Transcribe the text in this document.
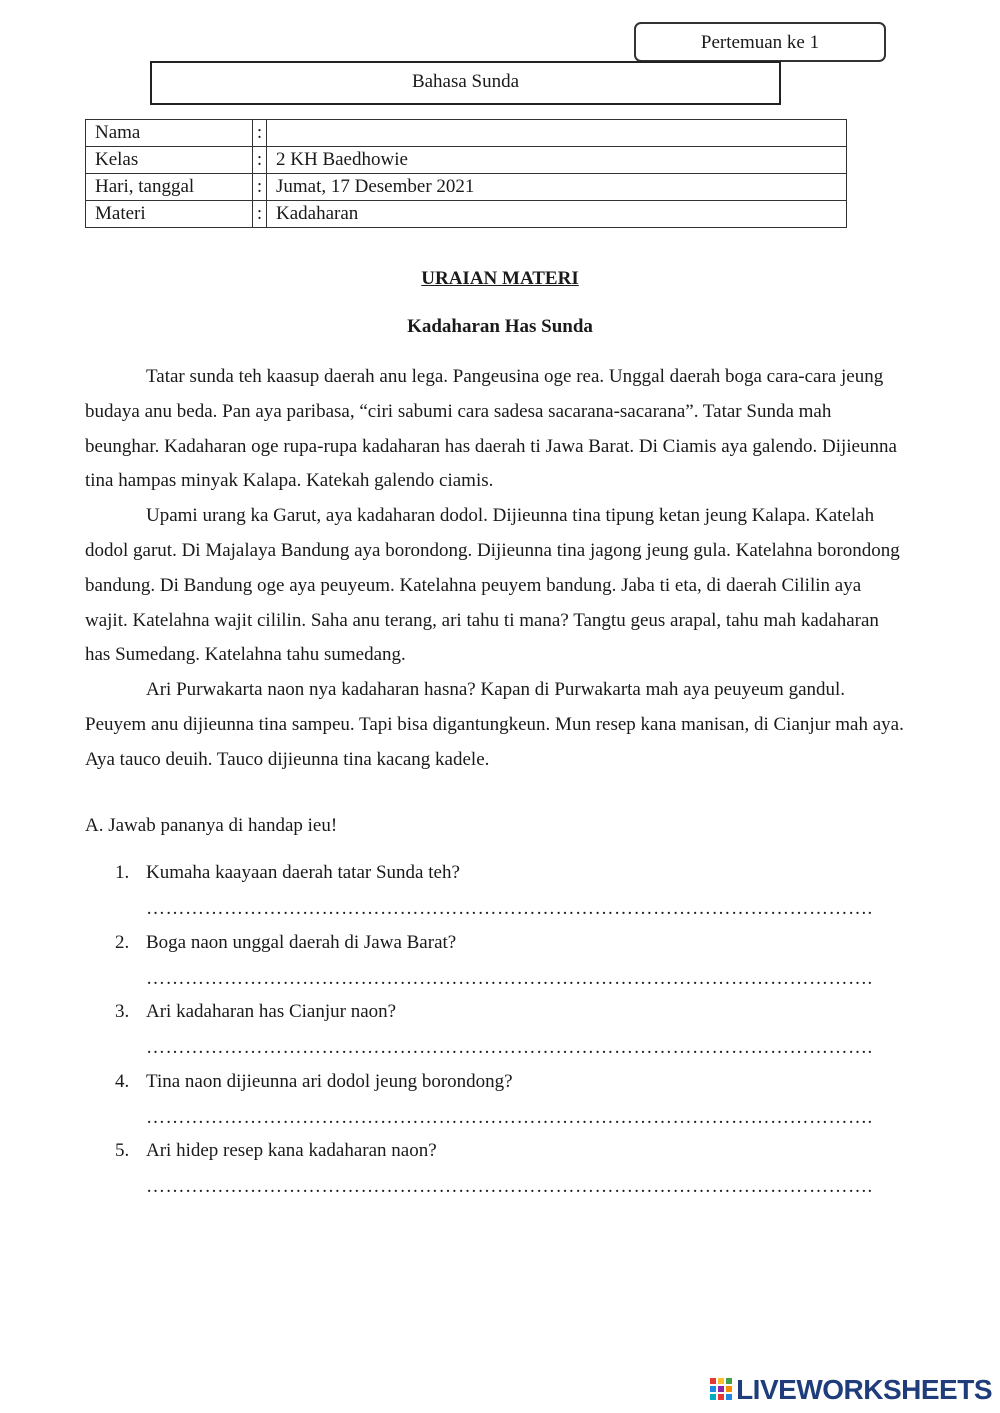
Pertemuan ke 1
Bahasa Sunda
Nama	:	
Kelas	:	2 KH Baedhowie
Hari, tanggal	:	Jumat, 17 Desember 2021
Materi	:	Kadaharan
URAIAN MATERI
Kadaharan Has Sunda

Tatar sunda teh kaasup daerah anu lega. Pangeusina oge rea. Unggal daerah boga cara-cara jeung budaya anu beda. Pan aya paribasa, “ciri sabumi cara sadesa sacarana-sacarana”. Tatar Sunda mah beunghar. Kadaharan oge rupa-rupa kadaharan has daerah ti Jawa Barat. Di Ciamis aya galendo. Dijieunna tina hampas minyak Kalapa. Katekah galendo ciamis.

Upami urang ka Garut, aya kadaharan dodol. Dijieunna tina tipung ketan jeung Kalapa. Katelah dodol garut. Di Majalaya Bandung aya borondong. Dijieunna tina jagong jeung gula. Katelahna borondong bandung. Di Bandung oge aya peuyeum. Katelahna peuyem bandung. Jaba ti eta, di daerah Cililin aya wajit. Katelahna wajit cililin. Saha anu terang, ari tahu ti mana? Tangtu geus arapal, tahu mah kadaharan has Sumedang. Katelahna tahu sumedang.

Ari Purwakarta naon nya kadaharan hasna? Kapan di Purwakarta mah aya peuyeum gandul. Peuyem anu dijieunna tina sampeu. Tapi bisa digantungkeun. Mun resep kana manisan, di Cianjur mah aya. Aya tauco deuih. Tauco dijieunna tina kacang kadele.

A. Jawab pananya di handap ieu!
1. Kumaha kaayaan daerah tatar Sunda teh?
………………………………………………………………………………………………….
2. Boga naon unggal daerah di Jawa Barat?
………………………………………………………………………………………………….
3. Ari kadaharan has Cianjur naon?
………………………………………………………………………………………………….
4. Tina naon dijieunna ari dodol jeung borondong?
………………………………………………………………………………………………….
5. Ari hidep resep kana kadaharan naon?
………………………………………………………………………………………………….
LIVEWORKSHEETS
